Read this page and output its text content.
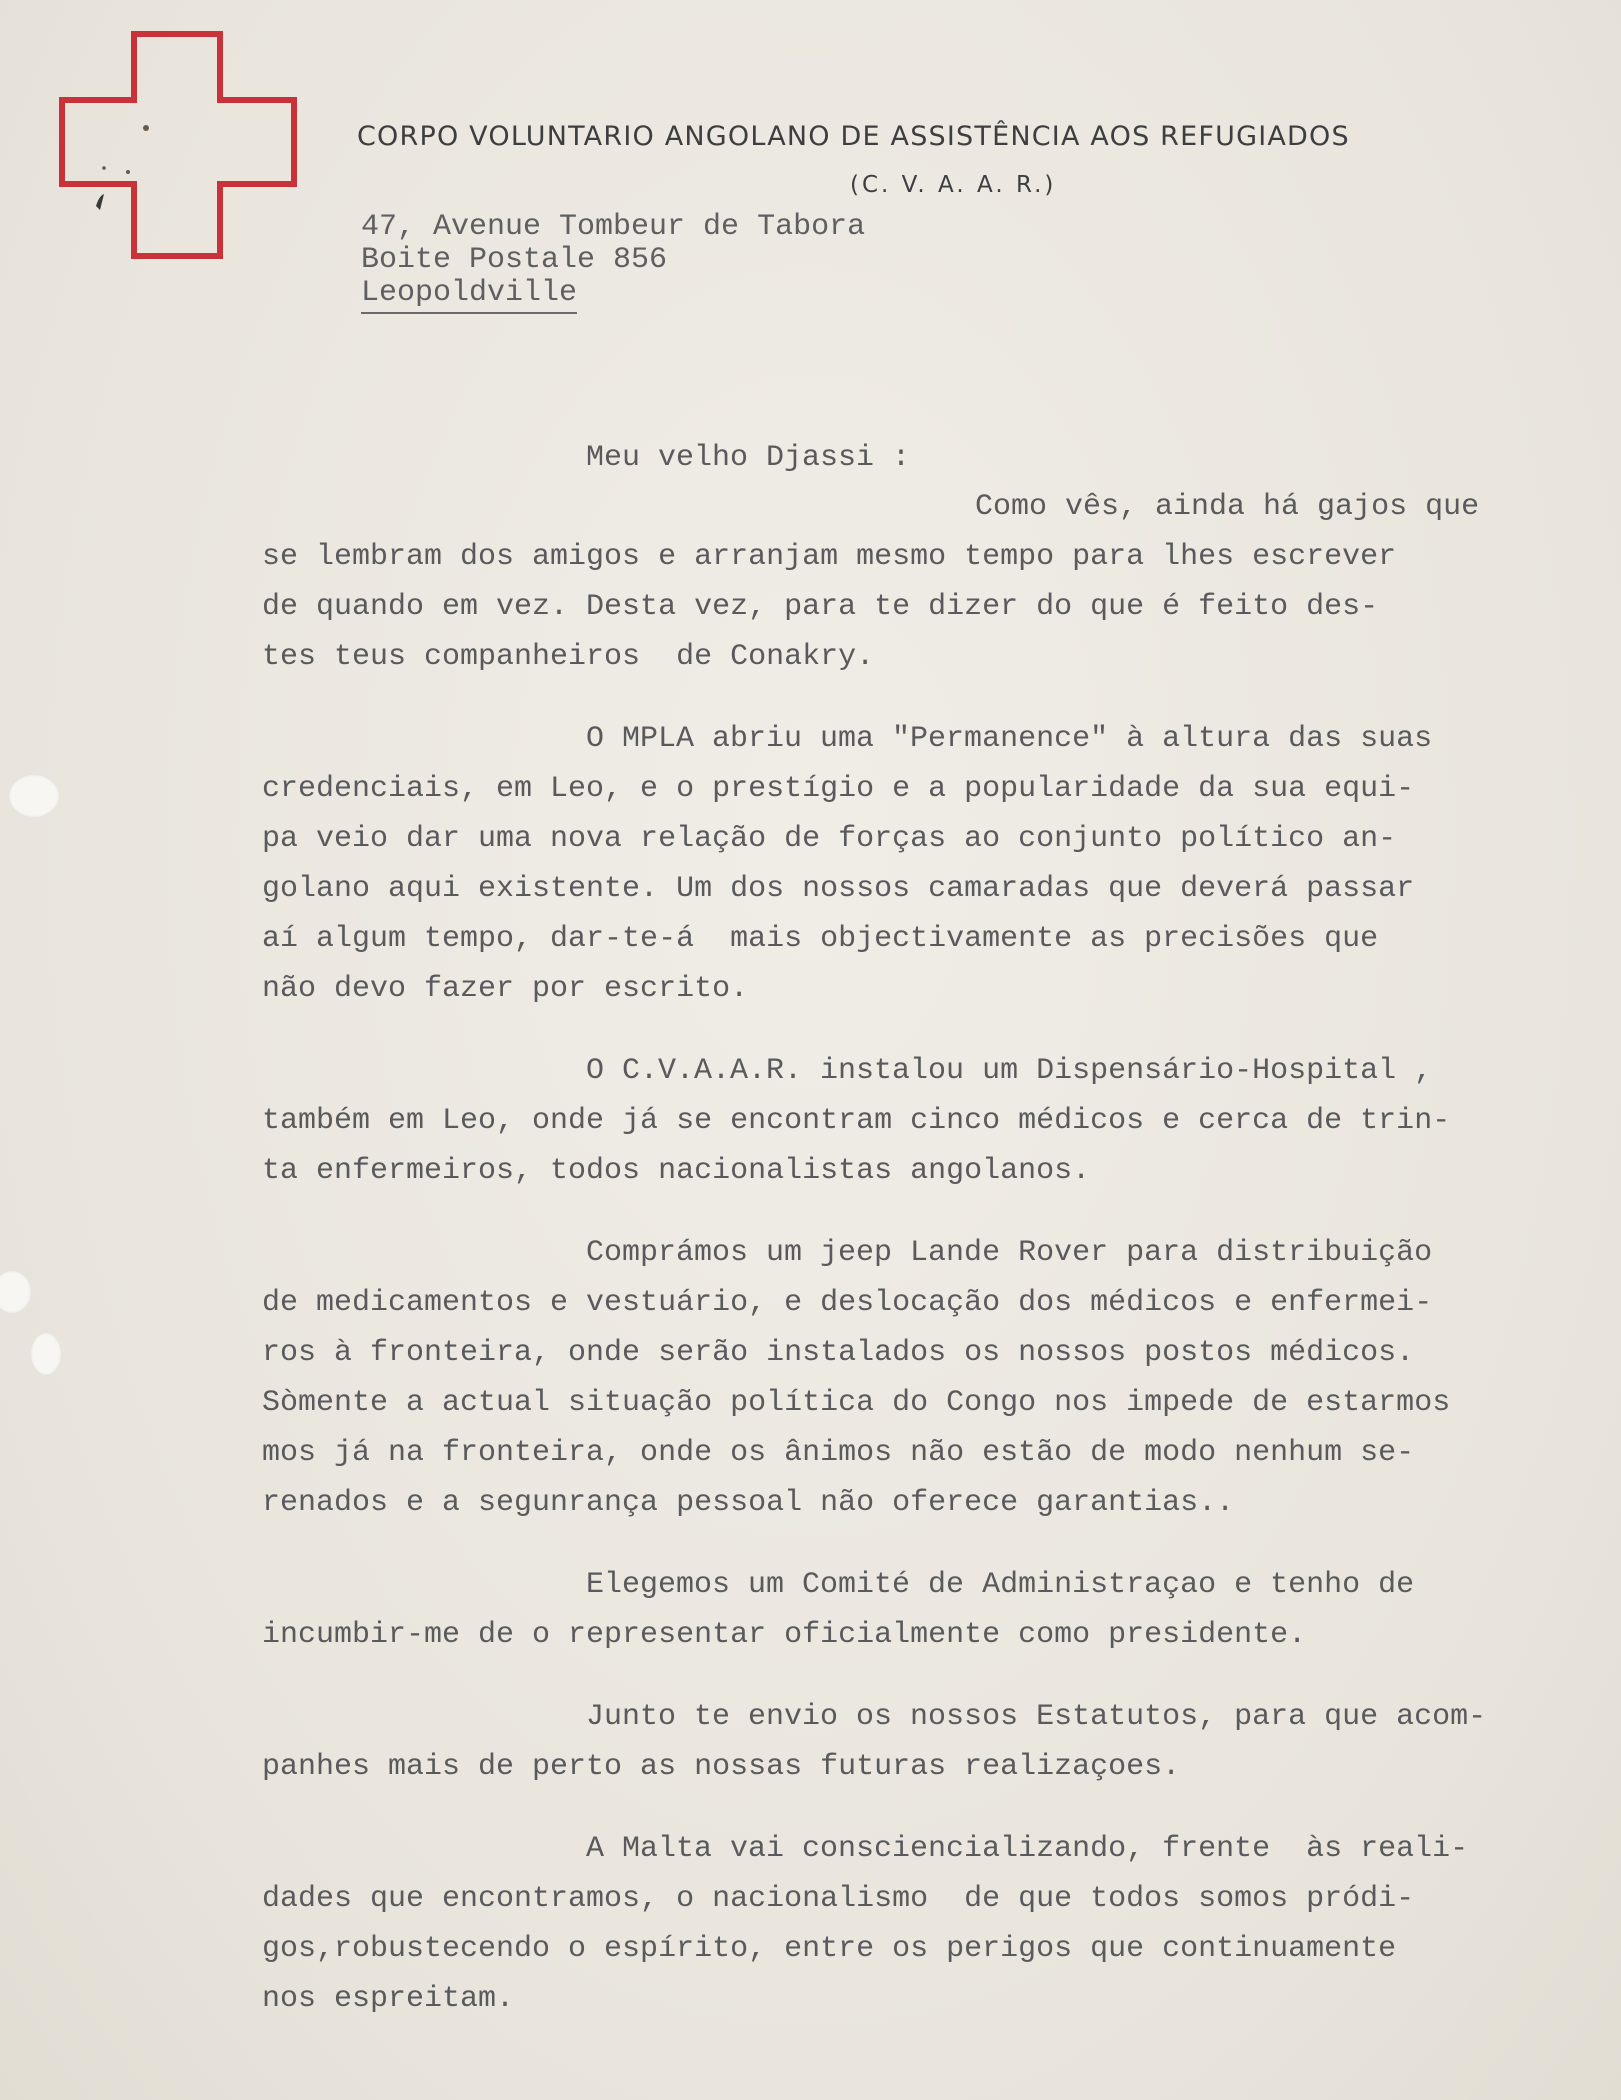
CORPO VOLUNTARIO ANGOLANO DE ASSISTÊNCIA AOS REFUGIADOS
(C. V. A. A. R.)
47, Avenue Tombeur de Tabora
Boite Postale 856
Leopoldville
Meu velho Djassi :
Como vês, ainda há gajos que
se lembram dos amigos e arranjam mesmo tempo para lhes escrever
de quando em vez. Desta vez, para te dizer do que é feito des-
tes teus companheiros  de Conakry.
O MPLA abriu uma "Permanence" à altura das suas
credenciais, em Leo, e o prestígio e a popularidade da sua equi-
pa veio dar uma nova relação de forças ao conjunto político an-
golano aqui existente. Um dos nossos camaradas que deverá passar
aí algum tempo, dar-te-á  mais objectivamente as precisões que
não devo fazer por escrito.
O C.V.A.A.R. instalou um Dispensário-Hospital ,
também em Leo, onde já se encontram cinco médicos e cerca de trin-
ta enfermeiros, todos nacionalistas angolanos.
Comprámos um jeep Lande Rover para distribuição
de medicamentos e vestuário, e deslocação dos médicos e enfermei-
ros à fronteira, onde serão instalados os nossos postos médicos.
Sòmente a actual situação política do Congo nos impede de estarmos
mos já na fronteira, onde os ânimos não estão de modo nenhum se-
renados e a segunrança pessoal não oferece garantias..
Elegemos um Comité de Administraçao e tenho de
incumbir-me de o representar oficialmente como presidente.
Junto te envio os nossos Estatutos, para que acom-
panhes mais de perto as nossas futuras realizaçoes.
A Malta vai consciencializando, frente  às reali-
dades que encontramos, o nacionalismo  de que todos somos pródi-
gos,robustecendo o espírito, entre os perigos que continuamente
nos espreitam.
